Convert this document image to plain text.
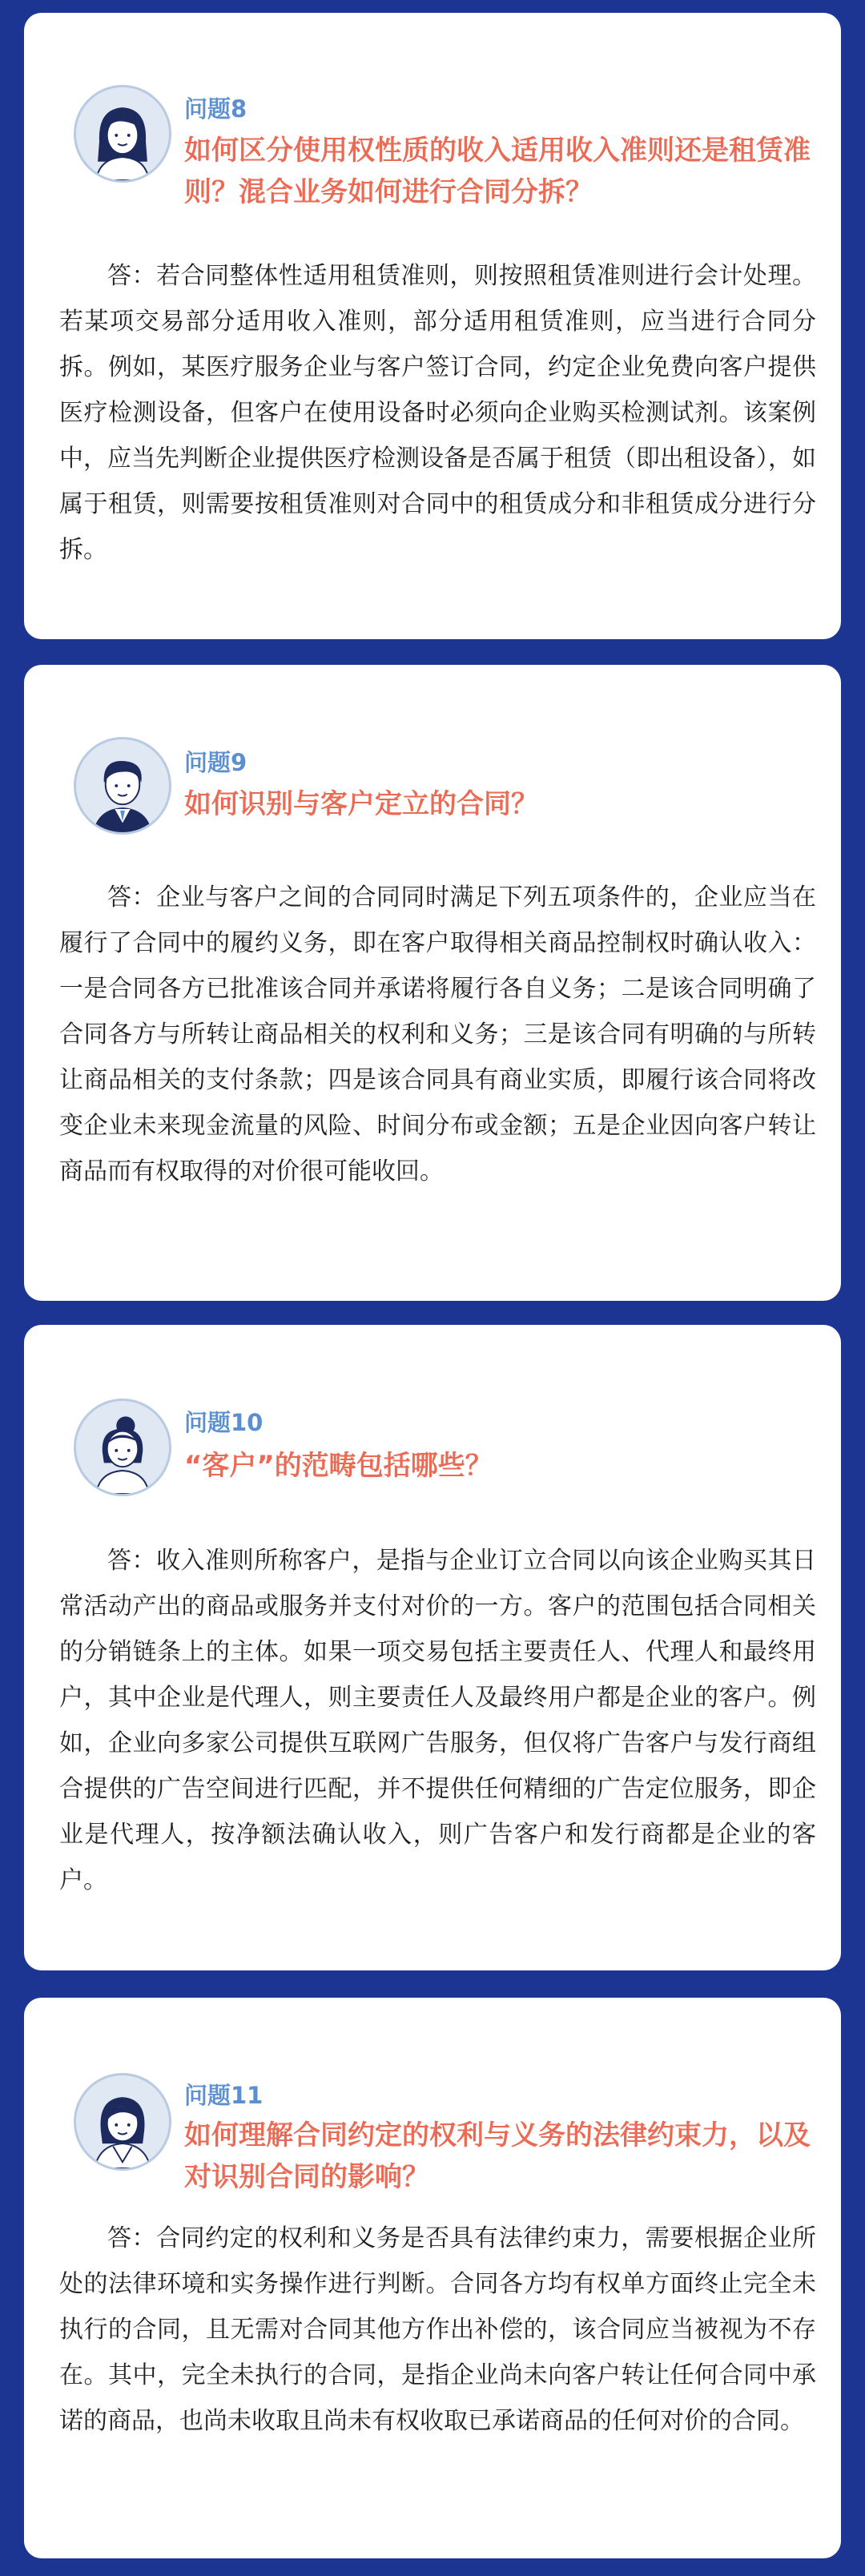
问题8
如何区分使用权性质的收入适用收入准则还是租赁准则？混合业务如何进行合同分拆？
答：若合同整体性适用租赁准则，则按照租赁准则进行会计处理。若某项交易部分适用收入准则，部分适用租赁准则，应当进行合同分拆。例如，某医疗服务企业与客户签订合同，约定企业免费向客户提供医疗检测设备，但客户在使用设备时必须向企业购买检测试剂。该案例中，应当先判断企业提供医疗检测设备是否属于租赁（即出租设备），如属于租赁，则需要按租赁准则对合同中的租赁成分和非租赁成分进行分拆。
问题9
如何识别与客户定立的合同？
答：企业与客户之间的合同同时满足下列五项条件的，企业应当在履行了合同中的履约义务，即在客户取得相关商品控制权时确认收入：一是合同各方已批准该合同并承诺将履行各自义务；二是该合同明确了合同各方与所转让商品相关的权利和义务；三是该合同有明确的与所转让商品相关的支付条款；四是该合同具有商业实质，即履行该合同将改变企业未来现金流量的风险、时间分布或金额；五是企业因向客户转让商品而有权取得的对价很可能收回。
问题10
“客户”的范畴包括哪些？
答：收入准则所称客户，是指与企业订立合同以向该企业购买其日常活动产出的商品或服务并支付对价的一方。客户的范围包括合同相关的分销链条上的主体。如果一项交易包括主要责任人、代理人和最终用户，其中企业是代理人，则主要责任人及最终用户都是企业的客户。例如，企业向多家公司提供互联网广告服务，但仅将广告客户与发行商组合提供的广告空间进行匹配，并不提供任何精细的广告定位服务，即企业是代理人，按净额法确认收入，则广告客户和发行商都是企业的客户。
问题11
如何理解合同约定的权利与义务的法律约束力，以及对识别合同的影响？
答：合同约定的权利和义务是否具有法律约束力，需要根据企业所处的法律环境和实务操作进行判断。合同各方均有权单方面终止完全未执行的合同，且无需对合同其他方作出补偿的，该合同应当被视为不存在。其中，完全未执行的合同，是指企业尚未向客户转让任何合同中承诺的商品，也尚未收取且尚未有权收取已承诺商品的任何对价的合同。
